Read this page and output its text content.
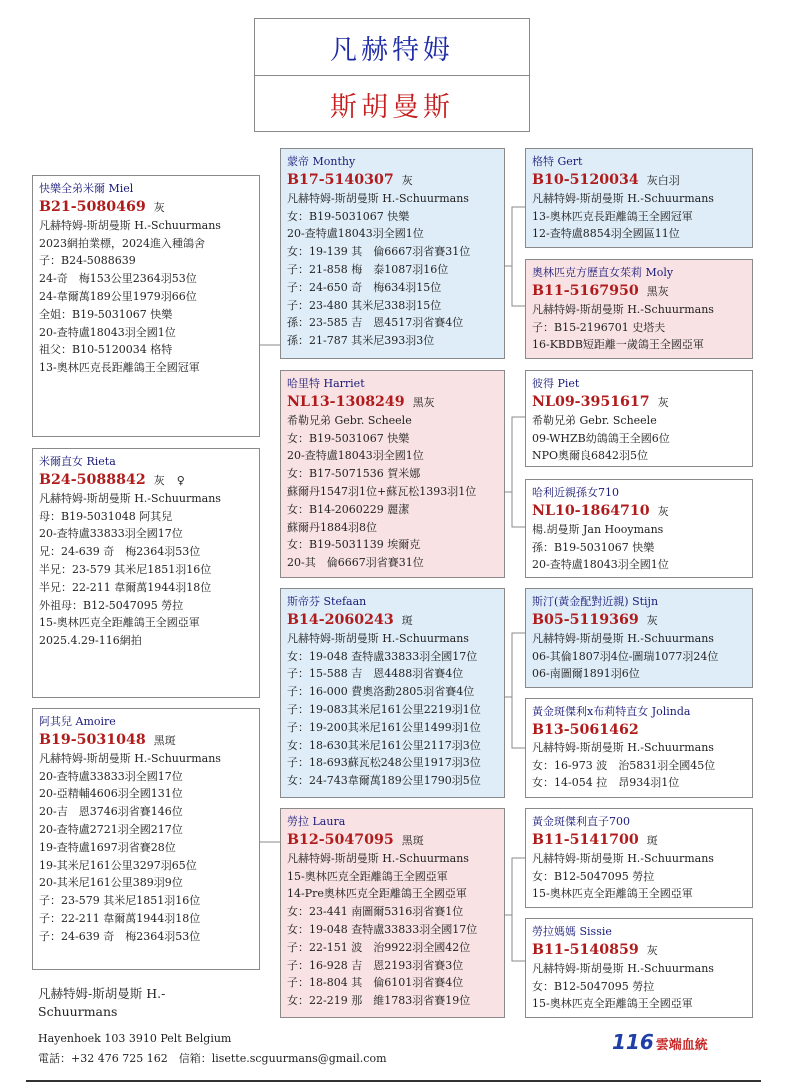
凡赫特姆
斯胡曼斯
快樂全弟米爾 Miel
B21-5080469 灰
凡赫特姆-斯胡曼斯 H.-Schuurmans
2023網拍業標，2024進入種鴿舍
子：B24-5088639
24-奇　梅153公里2364羽53位
24-韋爾萬189公里1979羽66位
全姐：B19-5031067 快樂
20-查特盧18043羽全國1位
祖父：B10-5120034 格特
13-奧林匹克長距離鴿王全國冠軍
米爾直女 Rieta
B24-5088842 灰 ♀
凡赫特姆-斯胡曼斯 H.-Schuurmans
母：B19-5031048 阿其兒
20-查特盧33833羽全國17位
兄：24-639 奇　梅2364羽53位
半兄：23-579 其米尼1851羽16位
半兄：22-211 韋爾萬1944羽18位
外祖母：B12-5047095 勞拉
15-奧林匹克全距離鴿王全國亞軍
2025.4.29-116網拍
阿其兒 Amoire
B19-5031048 黑斑
凡赫特姆-斯胡曼斯 H.-Schuurmans
20-查特盧33833羽全國17位
20-亞精輔4606羽全國131位
20-吉　恩3746羽省賽146位
20-查特盧2721羽全國217位
19-查特盧1697羽省賽28位
19-其米尼161公里3297羽65位
20-其米尼161公里389羽9位
子：23-579 其米尼1851羽16位
子：22-211 韋爾萬1944羽18位
子：24-639 奇　梅2364羽53位
蒙帝 Monthy
B17-5140307 灰
凡赫特姆-斯胡曼斯 H.-Schuurmans
女：B19-5031067 快樂
20-查特盧18043羽全國1位
女：19-139 其　倫6667羽省賽31位
子：21-858 梅　泰1087羽16位
子：24-650 奇　梅634羽15位
子：23-480 其米尼338羽15位
孫：23-585 吉　恩4517羽省賽4位
孫：21-787 其米尼393羽3位
哈里特 Harriet
NL13-1308249 黑灰
希勒兄弟 Gebr. Scheele
女：B19-5031067 快樂
20-查特盧18043羽全國1位
女：B17-5071536 賀米娜
蘇爾丹1547羽1位+蘇瓦松1393羽1位
女：B14-2060229 麗潔
蘇爾丹1884羽8位
女：B19-5031139 埃爾克
20-其　倫6667羽省賽31位
斯帝芬 Stefaan
B14-2060243 斑
凡赫特姆-斯胡曼斯 H.-Schuurmans
女：19-048 查特盧33833羽全國17位
子：15-588 吉　恩4488羽省賽4位
子：16-000 費奧洛勳2805羽省賽4位
子：19-083其米尼161公里2219羽1位
子：19-200其米尼161公里1499羽1位
女：18-630其米尼161公里2117羽3位
子：18-693蘇瓦松248公里1917羽3位
女：24-743韋爾萬189公里1790羽5位
勞拉 Laura
B12-5047095 黑斑
凡赫特姆-斯胡曼斯 H.-Schuurmans
15-奧林匹克全距離鴿王全國亞軍
14-Pre奧林匹克全距離鴿王全國亞軍
女：23-441 南圖爾5316羽省賽1位
女：19-048 查特盧33833羽全國17位
子：22-151 波　治9922羽全國42位
子：16-928 吉　恩2193羽省賽3位
子：18-804 其　倫6101羽省賽4位
女：22-219 那　維1783羽省賽19位
格特 Gert
B10-5120034 灰白羽
凡赫特姆-斯胡曼斯 H.-Schuurmans
13-奧林匹克長距離鴿王全國冠軍
12-查特盧8854羽全國區11位
奧林匹克方歷直女茱莉 Moly
B11-5167950 黑灰
凡赫特姆-斯胡曼斯 H.-Schuurmans
子：B15-2196701 史塔夫
16-KBDB短距離一歲鴿王全國亞軍
彼得 Piet
NL09-3951617 灰
希勒兄弟 Gebr. Scheele
09-WHZB幼鴿鴿王全國6位
NPO奧爾良6842羽5位
哈利近親孫女710
NL10-1864710 灰
楊.胡曼斯 Jan Hooymans
孫：B19-5031067 快樂
20-查特盧18043羽全國1位
斯汀(黃金配對近親) Stijn
B05-5119369 灰
凡赫特姆-斯胡曼斯 H.-Schuurmans
06-其倫1807羽4位-圖瑞1077羽24位
06-南圖爾1891羽6位
黃金斑傑利x布莉特直女 Jolinda
B13-5061462
凡赫特姆-斯胡曼斯 H.-Schuurmans
女：16-973 波　治5831羽全國45位
女：14-054 拉　昂934羽1位
黃金斑傑利直子700
B11-5141700 斑
凡赫特姆-斯胡曼斯 H.-Schuurmans
女：B12-5047095 勞拉
15-奧林匹克全距離鴿王全國亞軍
勞拉媽媽 Sissie
B11-5140859 灰
凡赫特姆-斯胡曼斯 H.-Schuurmans
女：B12-5047095 勞拉
15-奧林匹克全距離鴿王全國亞軍
凡赫特姆-斯胡曼斯 H.-Schuurmans
Hayenhoek 103 3910 Pelt Belgium
電話：+32 476 725 162　信箱：lisette.scguurmans@gmail.com
116 雲端血統
